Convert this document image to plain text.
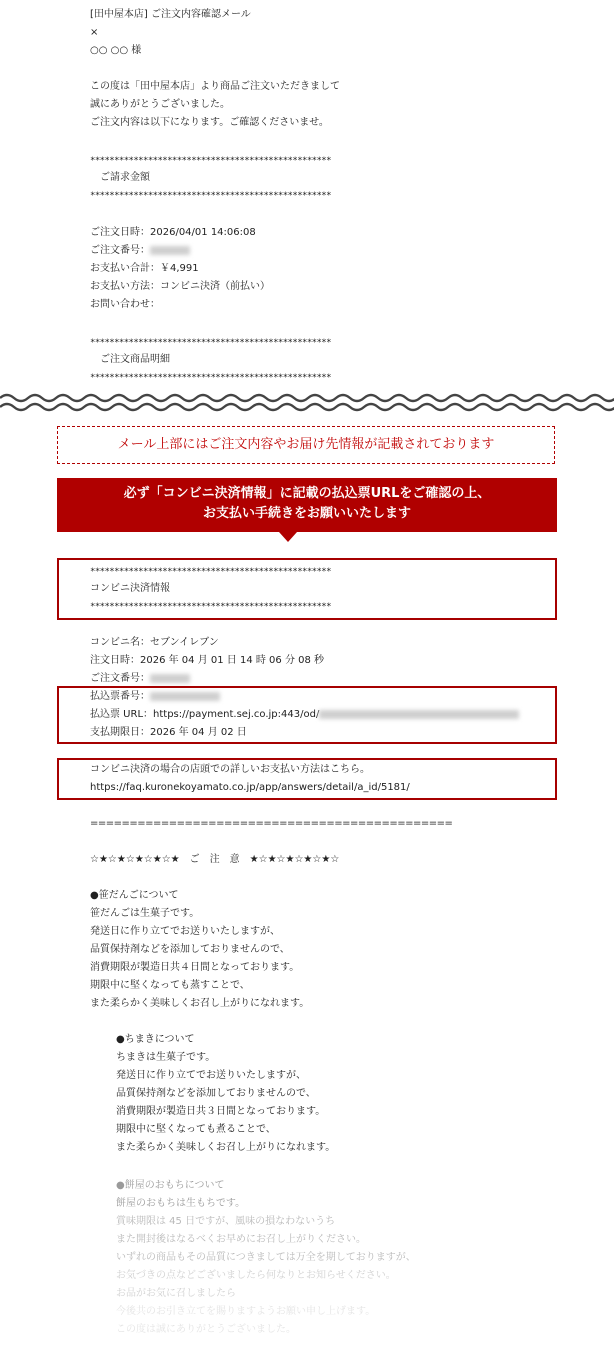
[田中屋本店] ご注文内容確認メール
×
○○ ○○ 様
この度は「田中屋本店」より商品ご注文いただきまして
誠にありがとうございました。
ご注文内容は以下になります。ご確認くださいませ。
**************************************************
ご請求金額
**************************************************
ご注文日時：2026/04/01 14:06:08
ご注文番号：
お支払い合計：￥4,991
お支払い方法：コンビニ決済（前払い）
お問い合わせ：
**************************************************
ご注文商品明細
**************************************************
メール上部にはご注文内容やお届け先情報が記載されております
必ず「コンビニ決済情報」に記載の払込票URLをご確認の上、
お支払い手続きをお願いいたします
**************************************************
コンビニ決済情報
**************************************************
コンビニ名：セブンイレブン
注文日時：2026 年 04 月 01 日 14 時 06 分 08 秒
ご注文番号：
払込票番号：
払込票 URL：https://payment.sej.co.jp:443/od/
支払期限日：2026 年 04 月 02 日
コンビニ決済の場合の店頭での詳しいお支払い方法はこちら。
https://faq.kuronekoyamato.co.jp/app/answers/detail/a_id/5181/
==============================================
☆★☆★☆★☆★☆★　ご　注　意　★☆★☆★☆★☆★☆
●笹だんごについて
笹だんごは生菓子です。
発送日に作り立てでお送りいたしますが、
品質保持剤などを添加しておりませんので、
消費期限が製造日共４日間となっております。
期限中に堅くなっても蒸すことで、
また柔らかく美味しくお召し上がりになれます。
●ちまきについて
ちまきは生菓子です。
発送日に作り立てでお送りいたしますが、
品質保持剤などを添加しておりませんので、
消費期限が製造日共３日間となっております。
期限中に堅くなっても煮ることで、
また柔らかく美味しくお召し上がりになれます。
●餅屋のおもちについて
餅屋のおもちは生もちです。
賞味期限は 45 日ですが、風味の損なわないうち
また開封後はなるべくお早めにお召し上がりください。
いずれの商品もその品質につきましては万全を期しておりますが、
お気づきの点などございましたら何なりとお知らせください。
お品がお気に召しましたら
今後共のお引き立てを賜りますようお願い申し上げます。
この度は誠にありがとうございました。
